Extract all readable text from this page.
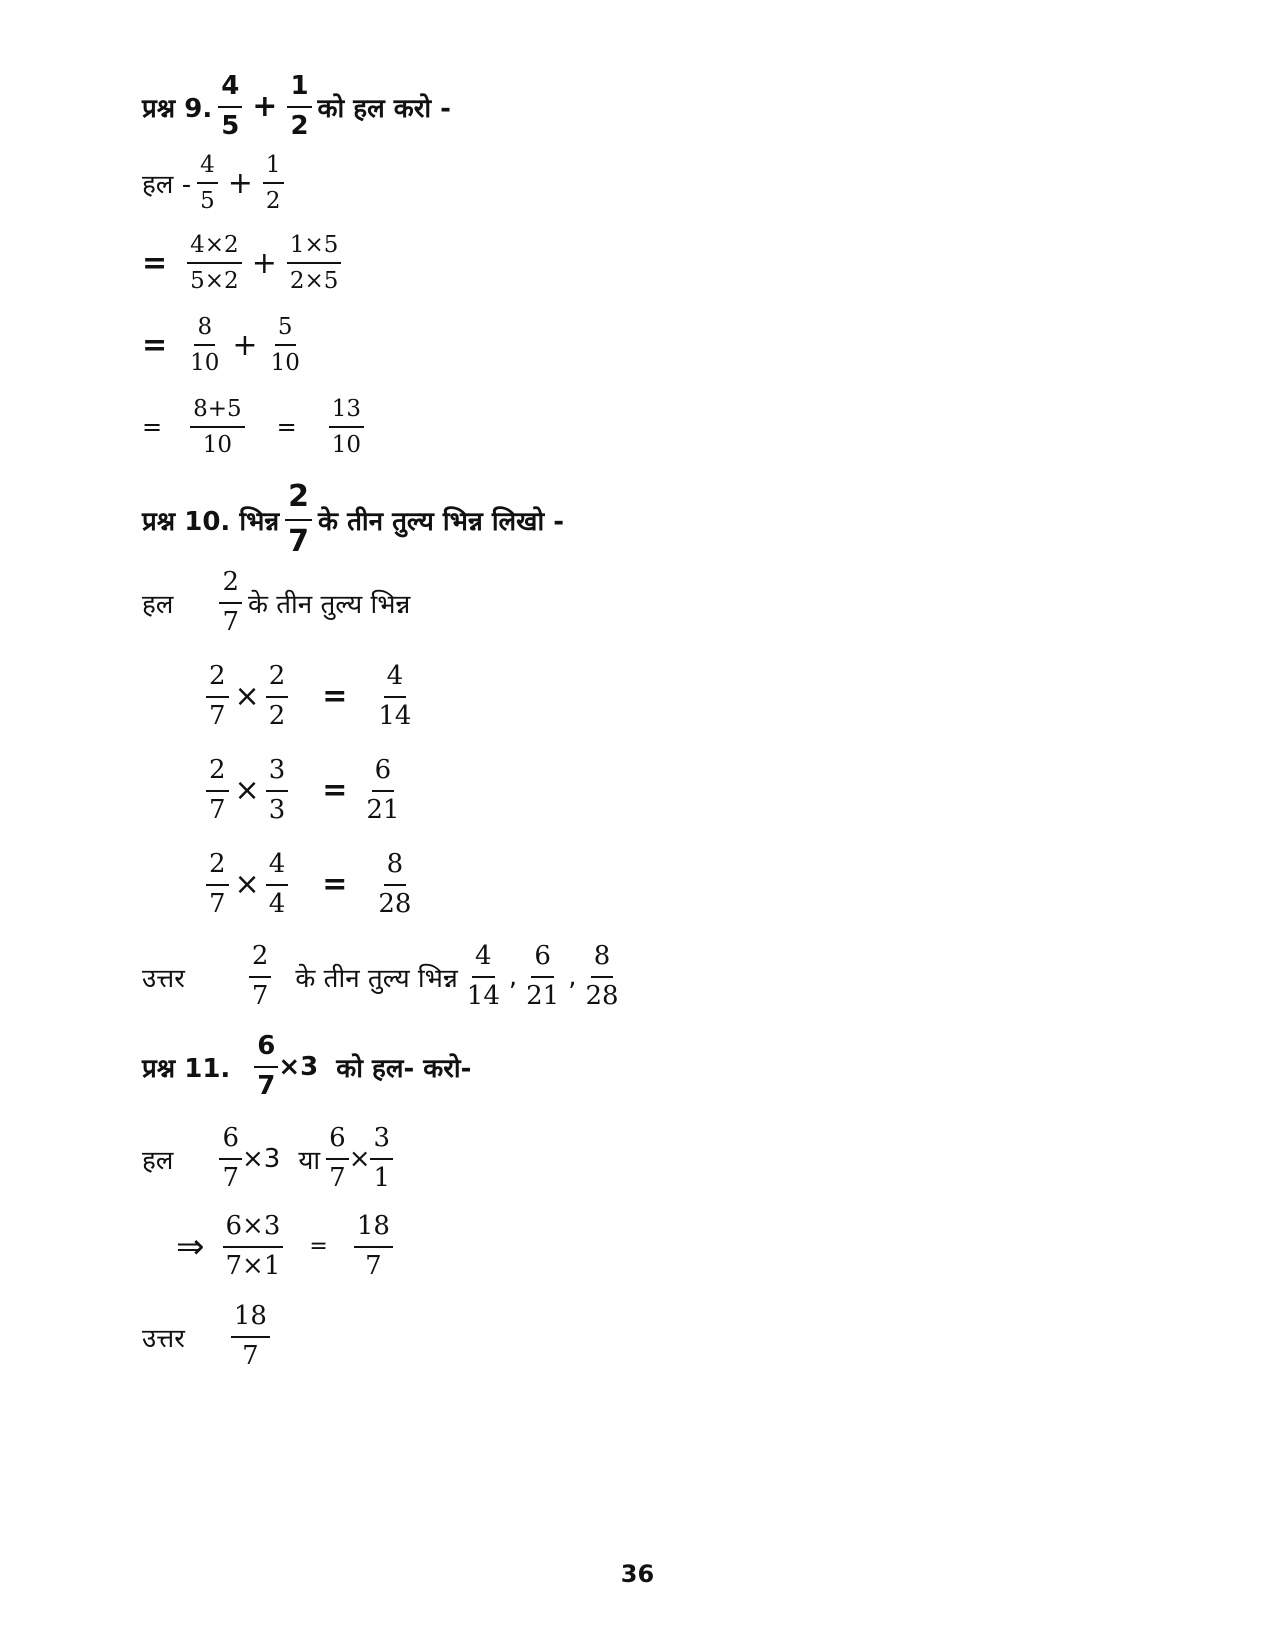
प्रश्न 9. $\frac{4}{5} + \frac{1}{2}$ को हल करो -
हल - $\frac{4}{5} + \frac{1}{2}$
= $\frac{4\times 2}{5\times 2} + \frac{1\times 5}{2\times 5}$
= $\frac{8}{10} + \frac{5}{10}$
= $\frac{8+5}{10} = \frac{13}{10}$
प्रश्न 10. भिन्न $\frac{2}{7}$ के तीन तुल्य भिन्न लिखो -
हल $\frac{2}{7}$ के तीन तुल्य भिन्न
$\frac{2}{7} \times \frac{2}{2} = \frac{4}{14}$
$\frac{2}{7} \times \frac{3}{3} = \frac{6}{21}$
$\frac{2}{7} \times \frac{4}{4} = \frac{8}{28}$
उत्तर $\frac{2}{7}$ के तीन तुल्य भिन्न $\frac{4}{14}$ , $\frac{6}{21}$ , $\frac{8}{28}$
प्रश्न 11. $\frac{6}{7} \times 3$ को हल- करो-
हल $\frac{6}{7} \times 3$ या $\frac{6}{7} \times \frac{3}{1}$
⇒ $\frac{6\times 3}{7\times 1} = \frac{18}{7}$
उत्तर $\frac{18}{7}$
36
